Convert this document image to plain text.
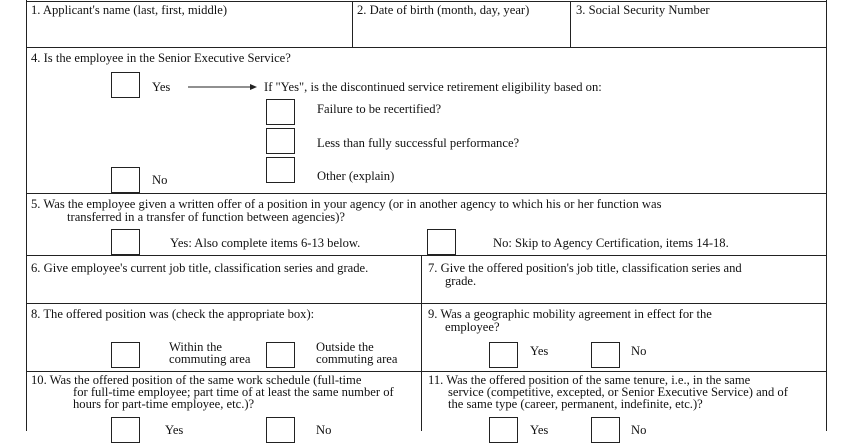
1. Applicant's name (last, first, middle)	2. Date of birth (month, day, year)	3. Social Security Number
4. Is the employee in the Senior Executive Service?
Yes	If "Yes", is the discontinued service retirement eligibility based on:
Failure to be recertified?
Less than fully successful performance?
Other (explain)
No
5. Was the employee given a written offer of a position in your agency (or in another agency to which his or her function was
transferred in a transfer of function between agencies)?
Yes: Also complete items 6-13 below.	No: Skip to Agency Certification, items 14-18.
6. Give employee's current job title, classification series and grade.	7. Give the offered position's job title, classification series and
grade.
8. The offered position was (check the appropriate box):
Within the
commuting area
Outside the
commuting area
9. Was a geographic mobility agreement in effect for the
employee?
Yes	No
10. Was the offered position of the same work schedule (full-time
for full-time employee; part time of at least the same number of
hours for part-time employee, etc.)?
Yes	No
11. Was the offered position of the same tenure, i.e., in the same
service (competitive, excepted, or Senior Executive Service) and of
the same type (career, permanent, indefinite, etc.)?
Yes	No
